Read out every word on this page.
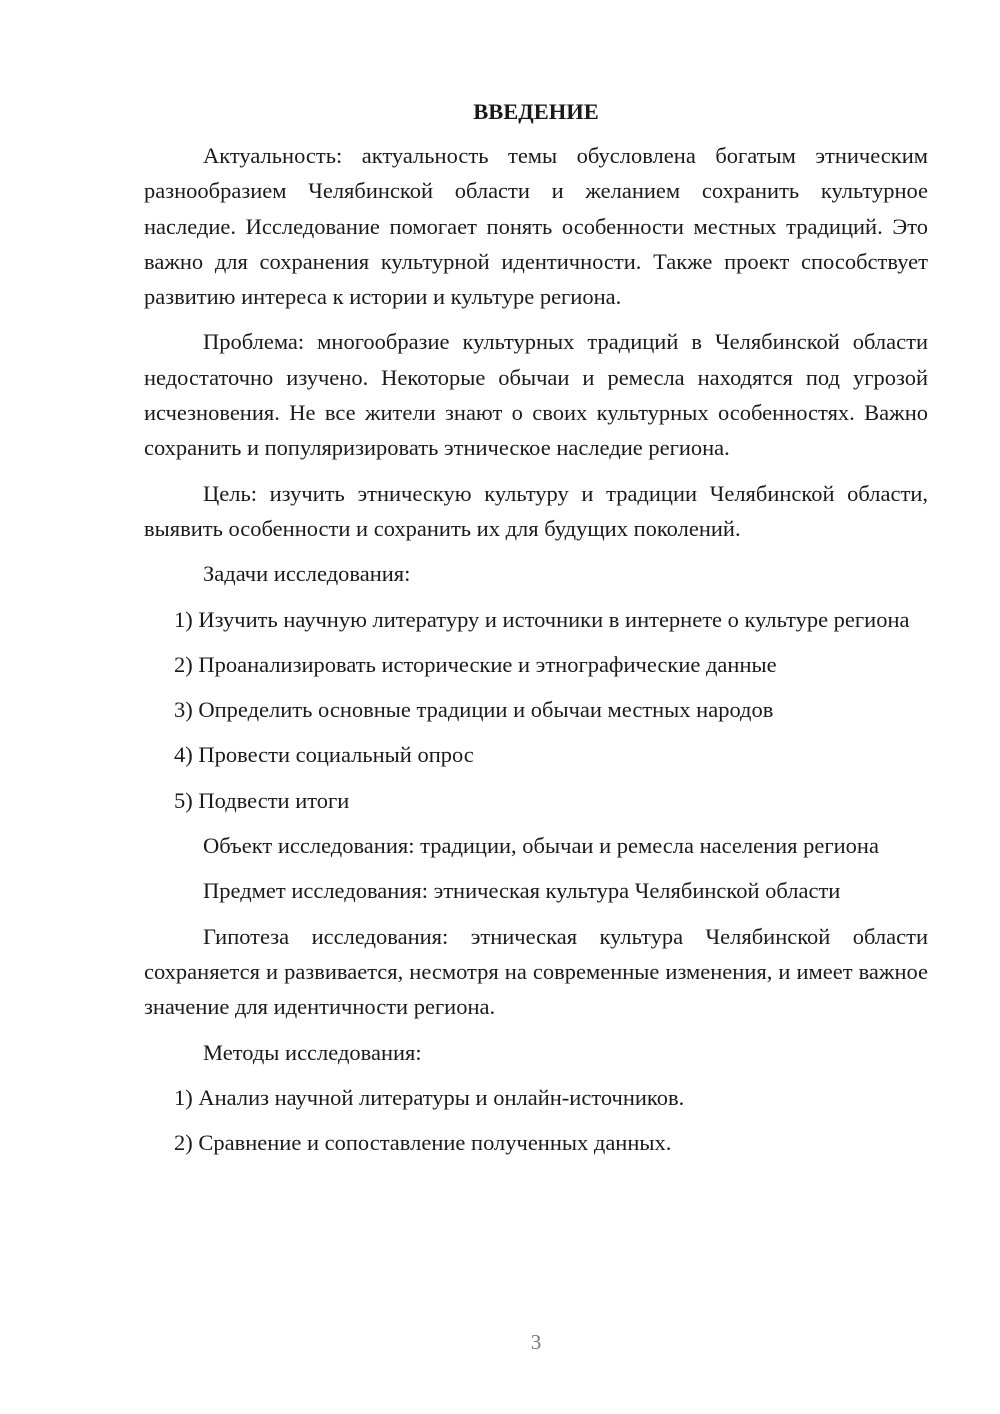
ВВЕДЕНИЕ

Актуальность: актуальность темы обусловлена богатым этническим разнообразием Челябинской области и желанием сохранить культурное наследие. Исследование помогает понять особенности местных традиций. Это важно для сохранения культурной идентичности. Также проект способствует развитию интереса к истории и культуре региона.

Проблема: многообразие культурных традиций в Челябинской области недостаточно изучено. Некоторые обычаи и ремесла находятся под угрозой исчезновения. Не все жители знают о своих культурных особенностях. Важно сохранить и популяризировать этническое наследие региона.

Цель: изучить этническую культуру и традиции Челябинской области, выявить особенности и сохранить их для будущих поколений.

Задачи исследования:

1) Изучить научную литературу и источники в интернете о культуре региона

2) Проанализировать исторические и этнографические данные

3) Определить основные традиции и обычаи местных народов

4) Провести социальный опрос

5) Подвести итоги

Объект исследования: традиции, обычаи и ремесла населения региона

Предмет исследования: этническая культура Челябинской области

Гипотеза исследования: этническая культура Челябинской области сохраняется и развивается, несмотря на современные изменения, и имеет важное значение для идентичности региона.

Методы исследования:

1) Анализ научной литературы и онлайн-источников.

2) Сравнение и сопоставление полученных данных.

3
